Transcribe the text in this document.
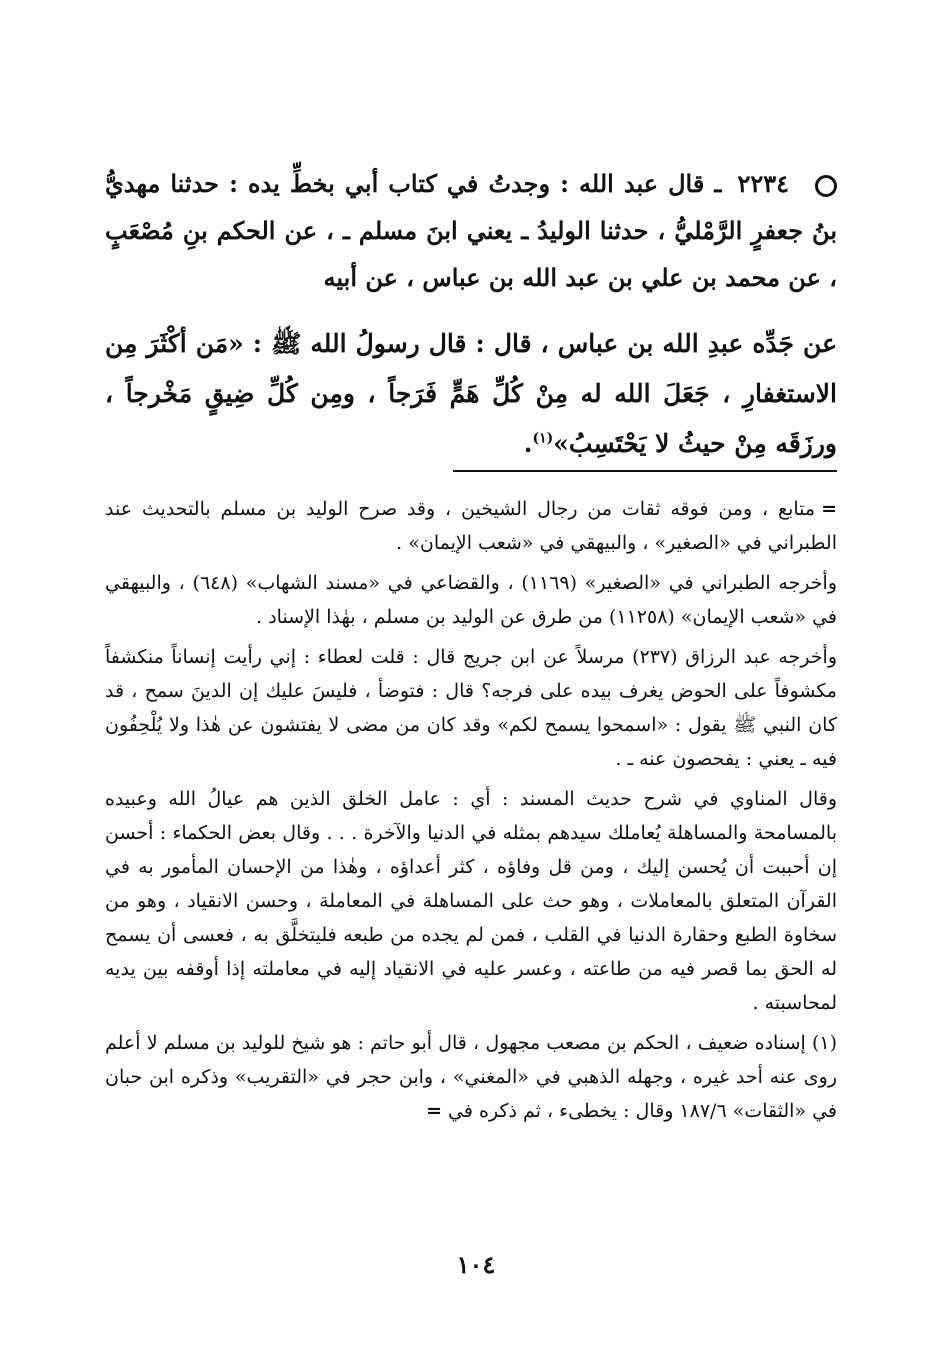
٢٢٣٤ ـ قال عبد الله : وجدتُ في كتاب أبي بخطِّ يده : حدثنا مهديُّ بنُ جعفرٍ الرَّمْليُّ ، حدثنا الوليدُ ـ يعني ابنَ مسلم ـ ، عن الحكم بنِ مُصْعَبٍ ، عن محمد بن علي بن عبد الله بن عباس ، عن أبيه

عن جَدِّه عبدِ الله بن عباس ، قال : قال رسولُ الله ﷺ : «مَن أكْثَرَ مِن الاستغفارِ ، جَعَلَ الله له مِنْ كُلِّ هَمٍّ فَرَجاً ، ومِن كُلِّ ضِيقٍ مَخْرجاً ، ورزَقَه مِنْ حيثُ لا يَحْتَسِبُ»$^{(١)}$.

=متابع ، ومن فوقه ثقات من رجال الشيخين ، وقد صرح الوليد بن مسلم بالتحديث عند الطبراني في «الصغير» ، والبيهقي في «شعب الإيمان» .

وأخرجه الطبراني في «الصغير» (١١٦٩) ، والقضاعي في «مسند الشهاب» (٦٤٨) ، والبيهقي في «شعب الإيمان» (١١٢٥٨) من طرق عن الوليد بن مسلم ، بهٰذا الإسناد .

وأخرجه عبد الرزاق (٢٣٧) مرسلاً عن ابن جريج قال : قلت لعطاء : إني رأيت إنساناً منكشفاً مكشوفاً على الحوض يغرف بيده على فرجه؟ قال : فتوضأ ، فليسَ عليك إن الدينَ سمح ، قد كان النبي ﷺ يقول : «اسمحوا يسمح لكم» وقد كان من مضى لا يفتشون عن هٰذا ولا يُلْحِفُون فيه ـ يعني : يفحصون عنه ـ .

وقال المناوي في شرح حديث المسند : أي : عامل الخلق الذين هم عيالُ الله وعبيده بالمسامحة والمساهلة يُعاملك سيدهم بمثله في الدنيا والآخرة . . . وقال بعض الحكماء : أحسن إن أحببت أن يُحسن إليك ، ومن قل وفاؤه ، كثر أعداؤه ، وهٰذا من الإحسان المأمور به في القرآن المتعلق بالمعاملات ، وهو حث على المساهلة في المعاملة ، وحسن الانقياد ، وهو من سخاوة الطبع وحقارة الدنيا في القلب ، فمن لم يجده من طبعه فليتخلَّق به ، فعسى أن يسمح له الحق بما قصر فيه من طاعته ، وعسر عليه في الانقياد إليه في معاملته إذا أوقفه بين يديه لمحاسبته .

(١) إسناده ضعيف ، الحكم بن مصعب مجهول ، قال أبو حاتم : هو شيخ للوليد بن مسلم لا أعلم روى عنه أحد غيره ، وجهله الذهبي في «المغني» ، وابن حجر في «التقريب» وذكره ابن حبان في «الثقات» ١٨٧/٦ وقال : يخطىء ، ثم ذكره في=

١٠٤
